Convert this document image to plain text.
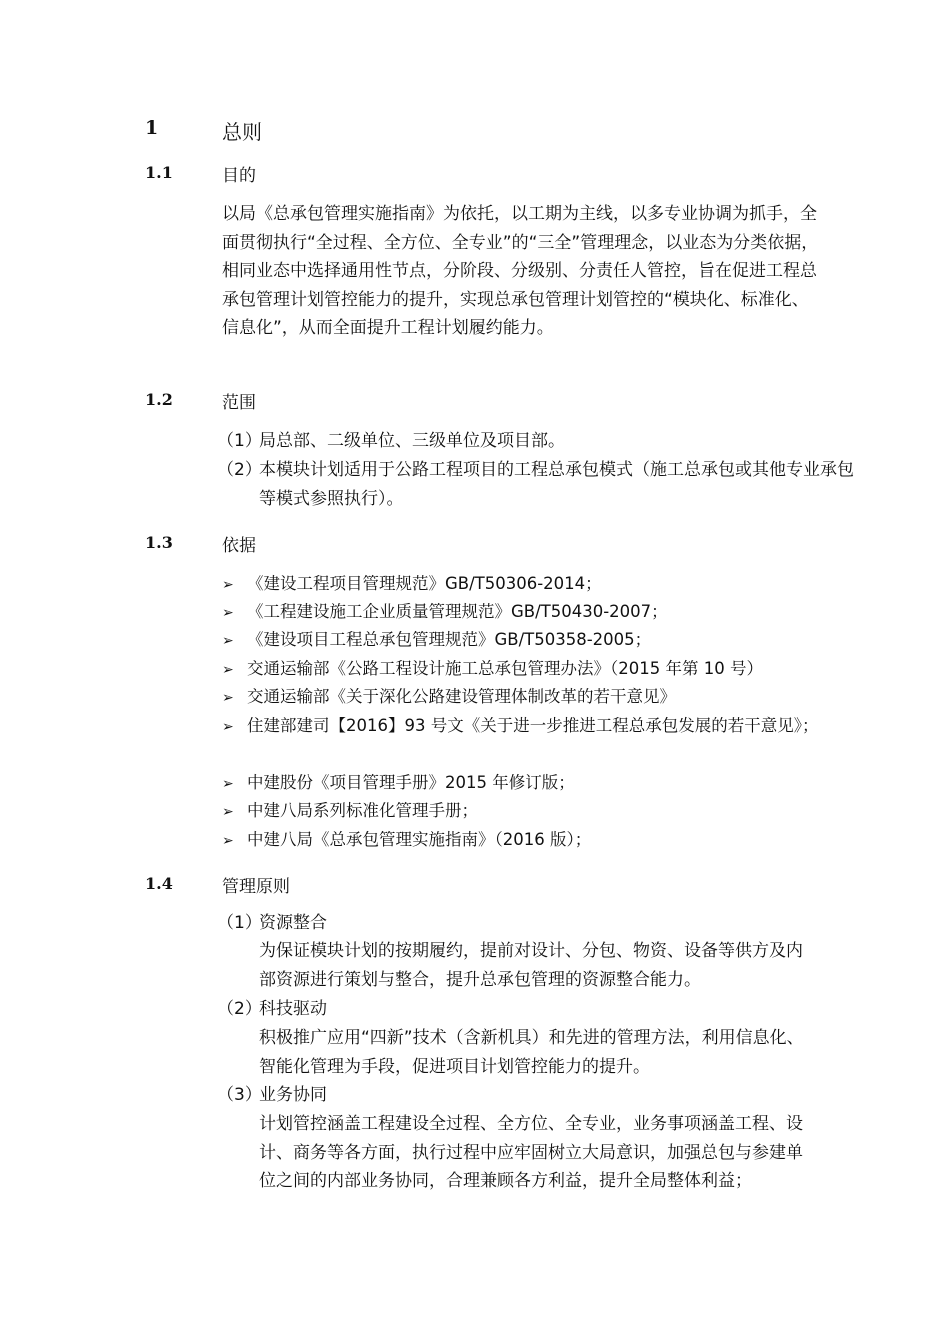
1	总则
1.1	目的

以局《总承包管理实施指南》为依托，以工期为主线，以多专业协调为抓手，全面贯彻执行“全过程、全方位、全专业”的“三全”管理理念，以业态为分类依据，相同业态中选择通用性节点，分阶段、分级别、分责任人管控，旨在促进工程总承包管理计划管控能力的提升，实现总承包管理计划管控的“模块化、标准化、信息化”，从而全面提升工程计划履约能力。

1.2	范围
（1）局总部、二级单位、三级单位及项目部。
（2）本模块计划适用于公路工程项目的工程总承包模式（施工总承包或其他专业承包等模式参照执行）。
1.3	依据
➢ 《建设工程项目管理规范》GB/T50306-2014；
➢ 《工程建设施工企业质量管理规范》GB/T50430-2007；
➢ 《建设项目工程总承包管理规范》GB/T50358-2005；
➢ 交通运输部《公路工程设计施工总承包管理办法》（2015 年第 10 号）
➢ 交通运输部《关于深化公路建设管理体制改革的若干意见》
➢ 住建部建司【2016】93 号文《关于进一步推进工程总承包发展的若干意见》；
➢ 中建股份《项目管理手册》2015 年修订版；
➢ 中建八局系列标准化管理手册；
➢ 中建八局《总承包管理实施指南》（2016 版）；
1.4	管理原则
（1）资源整合

为保证模块计划的按期履约，提前对设计、分包、物资、设备等供方及内部资源进行策划与整合，提升总承包管理的资源整合能力。

（2）科技驱动

积极推广应用“四新”技术（含新机具）和先进的管理方法，利用信息化、智能化管理为手段，促进项目计划管控能力的提升。

（3）业务协同

计划管控涵盖工程建设全过程、全方位、全专业，业务事项涵盖工程、设计、商务等各方面，执行过程中应牢固树立大局意识，加强总包与参建单位之间的内部业务协同，合理兼顾各方利益，提升全局整体利益；
